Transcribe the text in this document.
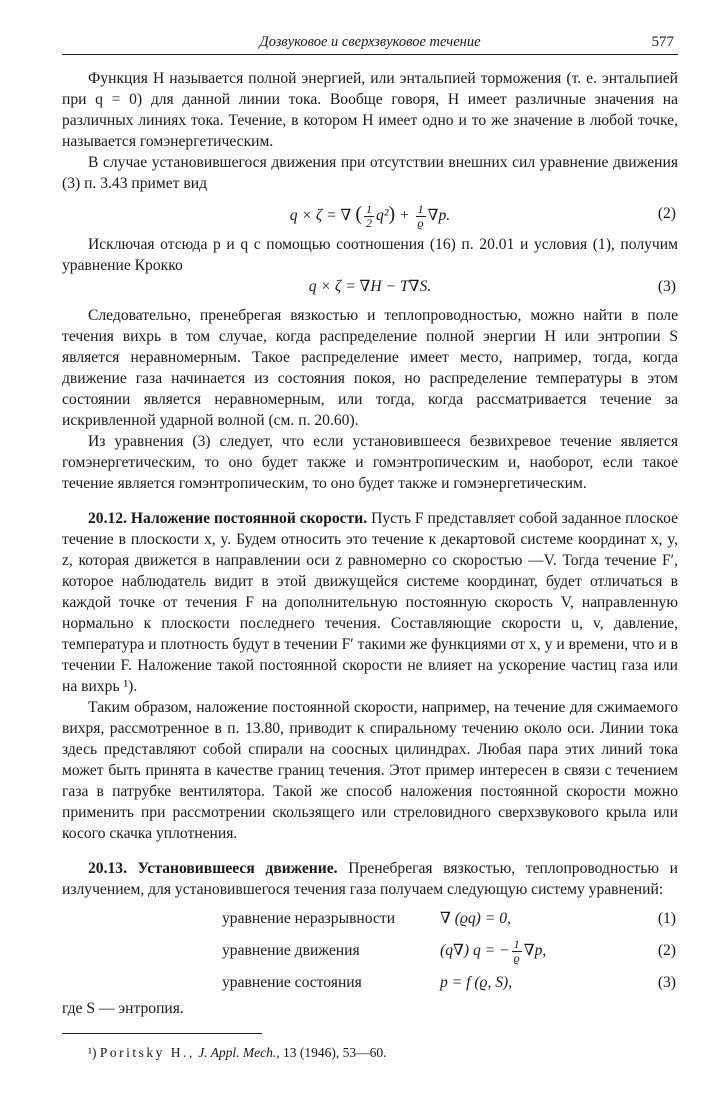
Дозвуковое и сверхзвуковое течение	577

Функция H называется полной энергией, или энтальпией торможения (т. е. энтальпией при q = 0) для данной линии тока. Вообще говоря, H имеет различные значения на различных линиях тока. Течение, в котором H имеет одно и то же значение в любой точке, называется гомэнергетическим.

В случае установившегося движения при отсутствии внешних сил уравнение движения (3) п. 3.43 примет вид

q × ζ = ∇ ( $\frac{1}{2} q^2) + \frac{1}{ϱ} \nabla p$.	(2)

Исключая отсюда p и q с помощью соотношения (16) п. 20.01 и условия (1), получим уравнение Крокко

q × ζ = ∇H − T∇S.	(3)

Следовательно, пренебрегая вязкостью и теплопроводностью, можно найти в поле течения вихрь в том случае, когда распределение полной энергии H или энтропии S является неравномерным. Такое распределение имеет место, например, тогда, когда движение газа начинается из состояния покоя, но распределение температуры в этом состоянии является неравномерным, или тогда, когда рассматривается течение за искривленной ударной волной (см. п. 20.60).

Из уравнения (3) следует, что если установившееся безвихревое течение является гомэнергетическим, то оно будет также и гомэнтропическим и, наоборот, если такое течение является гомэнтропическим, то оно будет также и гомэнергетическим.

20.12. Наложение постоянной скорости. Пусть F представляет собой заданное плоское течение в плоскости x, y. Будем относить это течение к декартовой системе координат x, y, z, которая движется в направлении оси z равномерно со скоростью —V. Тогда течение F′, которое наблюдатель видит в этой движущейся системе координат, будет отличаться в каждой точке от течения F на дополнительную постоянную скорость V, направленную нормально к плоскости последнего течения. Составляющие скорости u, v, давление, температура и плотность будут в течении F′ такими же функциями от x, y и времени, что и в течении F. Наложение такой постоянной скорости не влияет на ускорение частиц газа или на вихрь ¹).

Таким образом, наложение постоянной скорости, например, на течение для сжимаемого вихря, рассмотренное в п. 13.80, приводит к спиральному течению около оси. Линии тока здесь представляют собой спирали на соосных цилиндрах. Любая пара этих линий тока может быть принята в качестве границ течения. Этот пример интересен в связи с течением газа в патрубке вентилятора. Такой же способ наложения постоянной скорости можно применить при рассмотрении скользящего или стреловидного сверхзвукового крыла или косого скачка уплотнения.

20.13. Установившееся движение. Пренебрегая вязкостью, теплопроводностью и излучением, для установившегося течения газа получаем следующую систему уравнений:

уравнение неразрывности	∇ (ϱq) = 0,	(1)
уравнение движения	(q∇) q = − $\frac{1}{ϱ} \nabla p$,	(2)
уравнение состояния	p = f (ϱ, S),	(3)

где S — энтропия.

¹) Poritsky H., J. Appl. Mech., 13 (1946), 53—60.
